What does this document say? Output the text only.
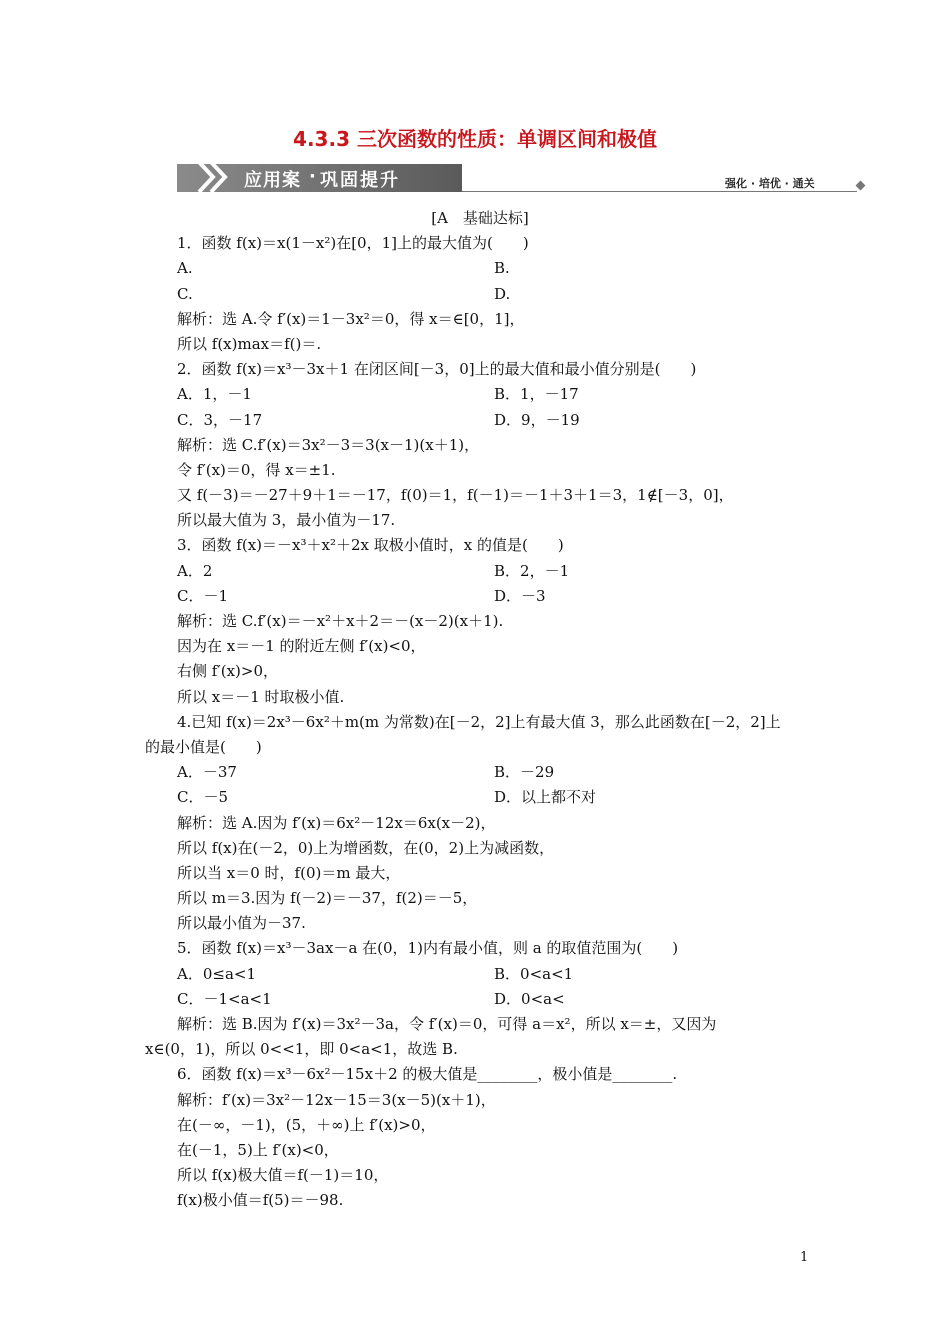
4.3.3 三次函数的性质：单调区间和极值
应用案 · 巩固提升	强化 · 培优 · 通关
[A　基础达标]
1．函数 f(x)＝x(1－x²)在[0，1]上的最大值为(　　)
A.	B.
C.	D.
解析：选 A.令 f′(x)＝1－3x²＝0，得 x＝∈[0，1]，
所以 f(x)max＝f()＝.
2．函数 f(x)＝x³－3x＋1 在闭区间[－3，0]上的最大值和最小值分别是(　　)
A．1，－1	B．1，－17
C．3，－17	D．9，－19
解析：选 C.f′(x)＝3x²－3＝3(x－1)(x＋1)，
令 f′(x)＝0，得 x＝±1.
又 f(－3)＝－27＋9＋1＝－17，f(0)＝1，f(－1)＝－1＋3＋1＝3，1∉[－3，0]，
所以最大值为 3，最小值为－17.
3．函数 f(x)＝－x³＋x²＋2x 取极小值时，x 的值是(　　)
A．2	B．2，－1
C．－1	D．－3
解析：选 C.f′(x)＝－x²＋x＋2＝－(x－2)(x＋1).
因为在 x＝－1 的附近左侧 f′(x)<0，
右侧 f′(x)>0，
所以 x＝－1 时取极小值.
4.已知 f(x)＝2x³－6x²＋m(m 为常数)在[－2，2]上有最大值 3，那么此函数在[－2，2]上
的最小值是(　　)
A．－37	B．－29
C．－5	D．以上都不对
解析：选 A.因为 f′(x)＝6x²－12x＝6x(x－2)，
所以 f(x)在(－2，0)上为增函数，在(0，2)上为减函数，
所以当 x＝0 时，f(0)＝m 最大，
所以 m＝3.因为 f(－2)＝－37，f(2)＝－5，
所以最小值为－37.
5．函数 f(x)＝x³－3ax－a 在(0，1)内有最小值，则 a 的取值范围为(　　)
A．0≤a<1	B．0<a<1
C．－1<a<1	D．0<a<
解析：选 B.因为 f′(x)＝3x²－3a，令 f′(x)＝0，可得 a＝x²，所以 x＝±，又因为
x∈(0，1)，所以 0<<1，即 0<a<1，故选 B.
6．函数 f(x)＝x³－6x²－15x＋2 的极大值是________，极小值是________.
解析：f′(x)＝3x²－12x－15＝3(x－5)(x＋1)，
在(－∞，－1)，(5，＋∞)上 f′(x)>0，
在(－1，5)上 f′(x)<0，
所以 f(x)极大值＝f(－1)＝10，
f(x)极小值＝f(5)＝－98.
1
